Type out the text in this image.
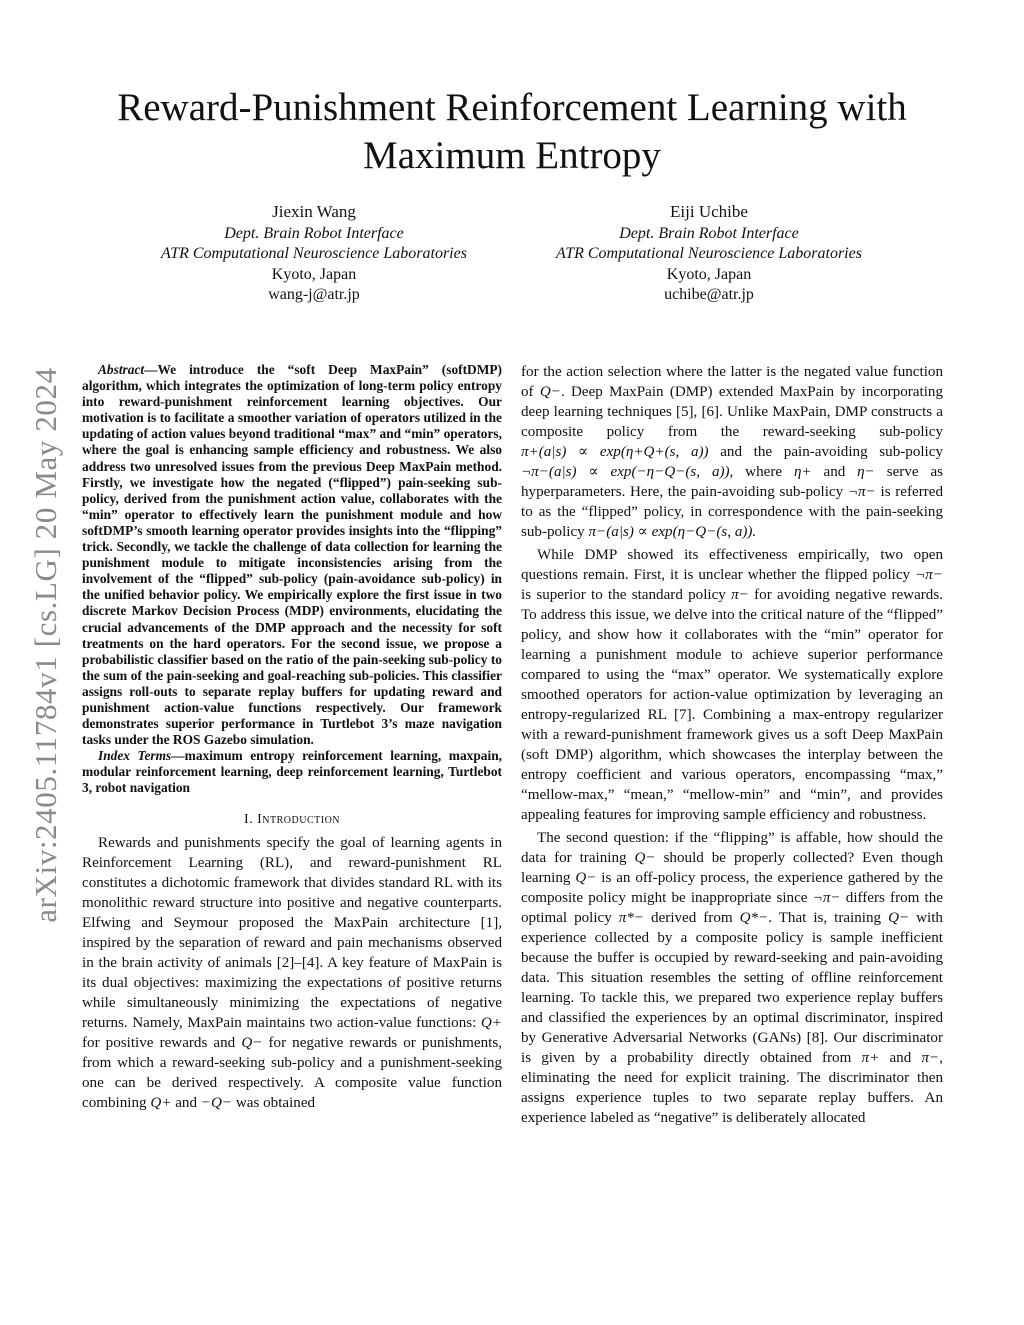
arXiv:2405.11784v1 [cs.LG] 20 May 2024
Reward-Punishment Reinforcement Learning with Maximum Entropy
Jiexin Wang
Dept. Brain Robot Interface
ATR Computational Neuroscience Laboratories
Kyoto, Japan
wang-j@atr.jp
Eiji Uchibe
Dept. Brain Robot Interface
ATR Computational Neuroscience Laboratories
Kyoto, Japan
uchibe@atr.jp

Abstract—We introduce the “soft Deep MaxPain” (softDMP) algorithm, which integrates the optimization of long-term policy entropy into reward-punishment reinforcement learning objectives. Our motivation is to facilitate a smoother variation of operators utilized in the updating of action values beyond traditional “max” and “min” operators, where the goal is enhancing sample efficiency and robustness. We also address two unresolved issues from the previous Deep MaxPain method. Firstly, we investigate how the negated (“flipped”) pain-seeking sub-policy, derived from the punishment action value, collaborates with the “min” operator to effectively learn the punishment module and how softDMP’s smooth learning operator provides insights into the “flipping” trick. Secondly, we tackle the challenge of data collection for learning the punishment module to mitigate inconsistencies arising from the involvement of the “flipped” sub-policy (pain-avoidance sub-policy) in the unified behavior policy. We empirically explore the first issue in two discrete Markov Decision Process (MDP) environments, elucidating the crucial advancements of the DMP approach and the necessity for soft treatments on the hard operators. For the second issue, we propose a probabilistic classifier based on the ratio of the pain-seeking sub-policy to the sum of the pain-seeking and goal-reaching sub-policies. This classifier assigns roll-outs to separate replay buffers for updating reward and punishment action-value functions respectively. Our framework demonstrates superior performance in Turtlebot 3’s maze navigation tasks under the ROS Gazebo simulation.

Index Terms—maximum entropy reinforcement learning, maxpain, modular reinforcement learning, deep reinforcement learning, Turtlebot 3, robot navigation

I. Introduction

Rewards and punishments specify the goal of learning agents in Reinforcement Learning (RL), and reward-punishment RL constitutes a dichotomic framework that divides standard RL with its monolithic reward structure into positive and negative counterparts. Elfwing and Seymour proposed the MaxPain architecture [1], inspired by the separation of reward and pain mechanisms observed in the brain activity of animals [2]–[4]. A key feature of MaxPain is its dual objectives: maximizing the expectations of positive returns while simultaneously minimizing the expectations of negative returns. Namely, MaxPain maintains two action-value functions: Q+ for positive rewards and Q− for negative rewards or punishments, from which a reward-seeking sub-policy and a punishment-seeking one can be derived respectively. A composite value function combining Q+ and −Q− was obtained

for the action selection where the latter is the negated value function of Q−. Deep MaxPain (DMP) extended MaxPain by incorporating deep learning techniques [5], [6]. Unlike MaxPain, DMP constructs a composite policy from the reward-seeking sub-policy π+(a|s) ∝ exp(η+Q+(s, a)) and the pain-avoiding sub-policy ¬π−(a|s) ∝ exp(−η−Q−(s, a)), where η+ and η− serve as hyperparameters. Here, the pain-avoiding sub-policy ¬π− is referred to as the “flipped” policy, in correspondence with the pain-seeking sub-policy π−(a|s) ∝ exp(η−Q−(s, a)).

While DMP showed its effectiveness empirically, two open questions remain. First, it is unclear whether the flipped policy ¬π− is superior to the standard policy π− for avoiding negative rewards. To address this issue, we delve into the critical nature of the “flipped” policy, and show how it collaborates with the “min” operator for learning a punishment module to achieve superior performance compared to using the “max” operator. We systematically explore smoothed operators for action-value optimization by leveraging an entropy-regularized RL [7]. Combining a max-entropy regularizer with a reward-punishment framework gives us a soft Deep MaxPain (soft DMP) algorithm, which showcases the interplay between the entropy coefficient and various operators, encompassing “max,” “mellow-max,” “mean,” “mellow-min” and “min”, and provides appealing features for improving sample efficiency and robustness.

The second question: if the “flipping” is affable, how should the data for training Q− should be properly collected? Even though learning Q− is an off-policy process, the experience gathered by the composite policy might be inappropriate since ¬π− differs from the optimal policy π*− derived from Q*−. That is, training Q− with experience collected by a composite policy is sample inefficient because the buffer is occupied by reward-seeking and pain-avoiding data. This situation resembles the setting of offline reinforcement learning. To tackle this, we prepared two experience replay buffers and classified the experiences by an optimal discriminator, inspired by Generative Adversarial Networks (GANs) [8]. Our discriminator is given by a probability directly obtained from π+ and π−, eliminating the need for explicit training. The discriminator then assigns experience tuples to two separate replay buffers. An experience labeled as “negative” is deliberately allocated
